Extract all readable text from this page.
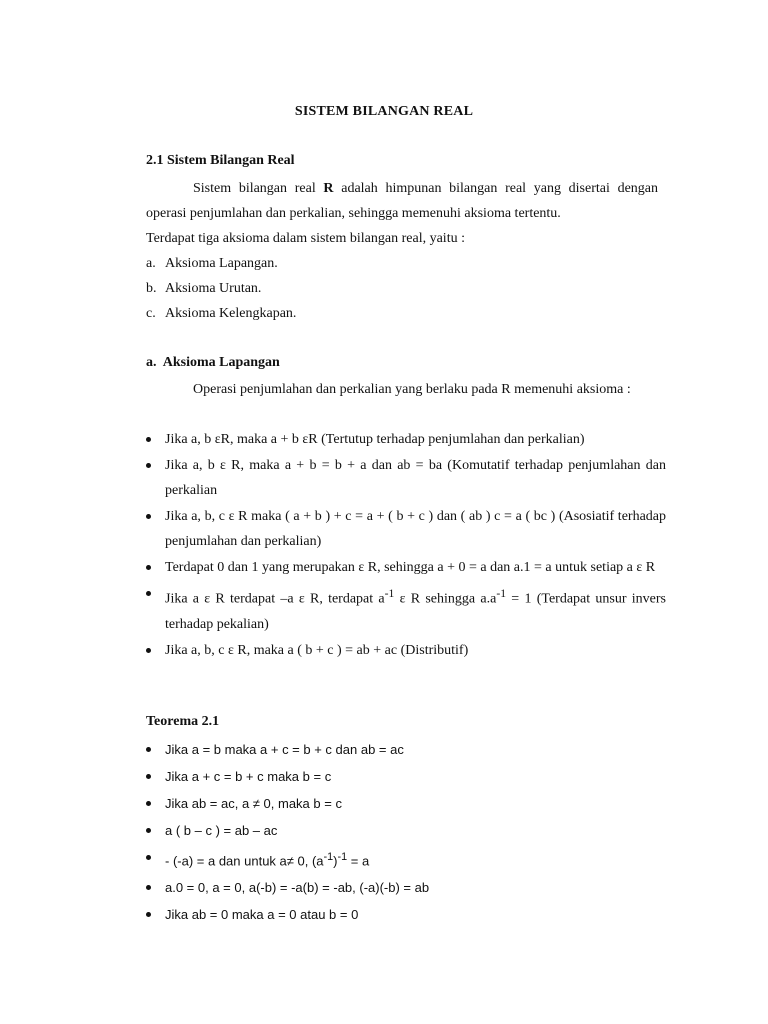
SISTEM BILANGAN REAL
2.1 Sistem Bilangan Real
Sistem bilangan real R adalah himpunan bilangan real yang disertai dengan operasi penjumlahan dan perkalian, sehingga memenuhi aksioma tertentu.
Terdapat tiga aksioma dalam sistem bilangan real, yaitu :
a. Aksioma Lapangan.
b. Aksioma Urutan.
c. Aksioma Kelengkapan.
a.  Aksioma Lapangan
Operasi penjumlahan dan perkalian yang berlaku pada R memenuhi aksioma :
Jika a, b εR, maka a + b εR (Tertutup terhadap penjumlahan dan perkalian)
Jika a, b ε R, maka a + b = b + a dan ab = ba (Komutatif terhadap penjumlahan dan perkalian
Jika a, b, c ε R maka ( a + b ) + c = a + ( b + c ) dan ( ab ) c = a ( bc ) (Asosiatif terhadap penjumlahan dan perkalian)
Terdapat 0 dan 1 yang merupakan ε R, sehingga a + 0 = a dan a.1 = a untuk setiap a ε R
Jika a ε R terdapat –a ε R, terdapat $a^{-1}$ ε R sehingga $a.a^{-1} = 1$ (Terdapat unsur invers terhadap pekalian)
Jika a, b, c ε R, maka a ( b + c ) = ab + ac (Distributif)
Teorema 2.1
Jika a = b maka a + c = b + c dan ab = ac
Jika a + c = b + c maka b = c
Jika ab = ac, a ≠ 0, maka b = c
a ( b – c ) = ab – ac
- (-a) = a dan untuk a≠ 0, $(a^{-1})^{-1} = a$
a.0 = 0, a = 0, a(-b) = -a(b) = -ab, (-a)(-b) = ab
Jika ab = 0 maka a = 0 atau b = 0
